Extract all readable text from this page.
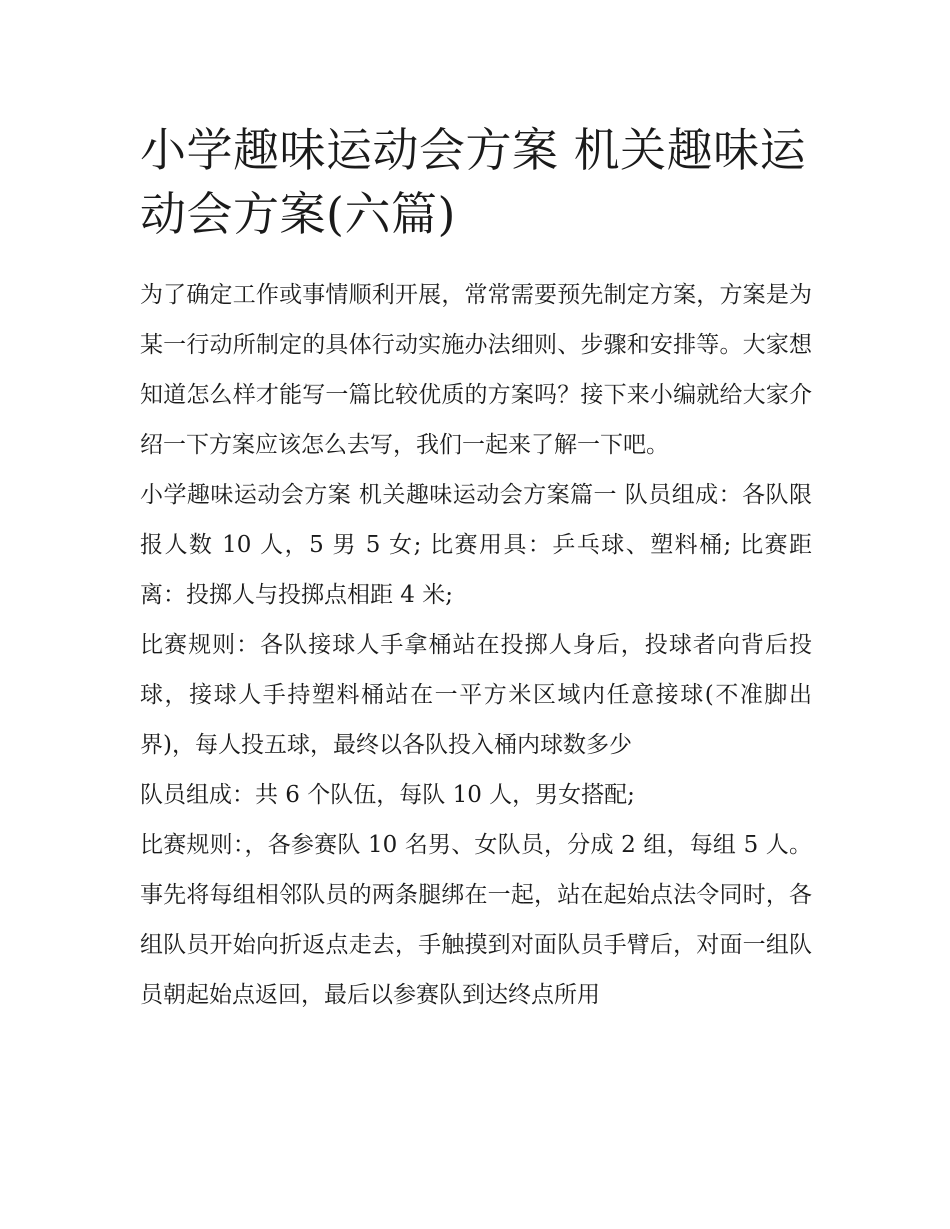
小学趣味运动会方案 机关趣味运动会方案(六篇)

为了确定工作或事情顺利开展，常常需要预先制定方案，方案是为某一行动所制定的具体行动实施办法细则、步骤和安排等。大家想知道怎么样才能写一篇比较优质的方案吗？接下来小编就给大家介绍一下方案应该怎么去写，我们一起来了解一下吧。

小学趣味运动会方案 机关趣味运动会方案篇一 队员组成：各队限报人数 10 人，5 男 5 女; 比赛用具：乒乓球、塑料桶; 比赛距离：投掷人与投掷点相距 4 米;

比赛规则：各队接球人手拿桶站在投掷人身后，投球者向背后投球，接球人手持塑料桶站在一平方米区域内任意接球(不准脚出界)，每人投五球，最终以各队投入桶内球数多少

队员组成：共 6 个队伍，每队 10 人，男女搭配;

比赛规则：，各参赛队 10 名男、女队员，分成 2 组，每组 5 人。事先将每组相邻队员的两条腿绑在一起，站在起始点法令同时，各组队员开始向折返点走去，手触摸到对面队员手臂后，对面一组队员朝起始点返回，最后以参赛队到达终点所用
